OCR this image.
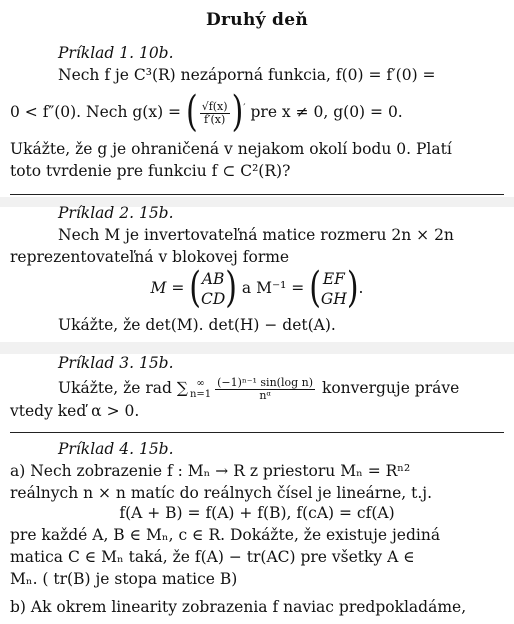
Druhý deň
Príklad 1. 10b.
Nech f je C³(R) nezáporná funkcia, f(0) = f′(0) =
0 < f″(0). Nech g(x) = ( $\frac{√f(x)}{f'(x)} )'$ pre x ≠ 0, g(0) = 0.
Ukážte, že g je ohraničená v nejakom okolí bodu 0. Platí
toto tvrdenie pre funkciu f ⊂ C²(R)?
Príklad 2. 15b.
Nech M je invertovateľná matice rozmeru 2n × 2n
reprezentovateľná v blokovej forme
M = ( AB
CD ) a M⁻¹ = ( EF
GH ).
Ukážte, že det(M). det(H) − det(A).
Príklad 3. 15b.
Ukážte, že rad ∑ ∞
$n=1 \frac{\text{(−1)ⁿ⁻¹ sin(log n)}}{\text{nᵅ}}$ konverguje práve
vtedy keď α > 0.
Príklad 4. 15b.
a) Nech zobrazenie f : Mₙ → R z priestoru Mₙ = Rⁿ²
reálnych n × n matíc do reálnych čísel je lineárne, t.j.
f(A + B) = f(A) + f(B), f(cA) = cf(A)
pre každé A, B ∈ Mₙ, c ∈ R. Dokážte, že existuje jediná
matica C ∈ Mₙ taká, že f(A) − tr(AC) pre všetky A ∈
Mₙ. ( tr(B) je stopa matice B)
b) Ak okrem linearity zobrazenia f naviac predpokladáme,
